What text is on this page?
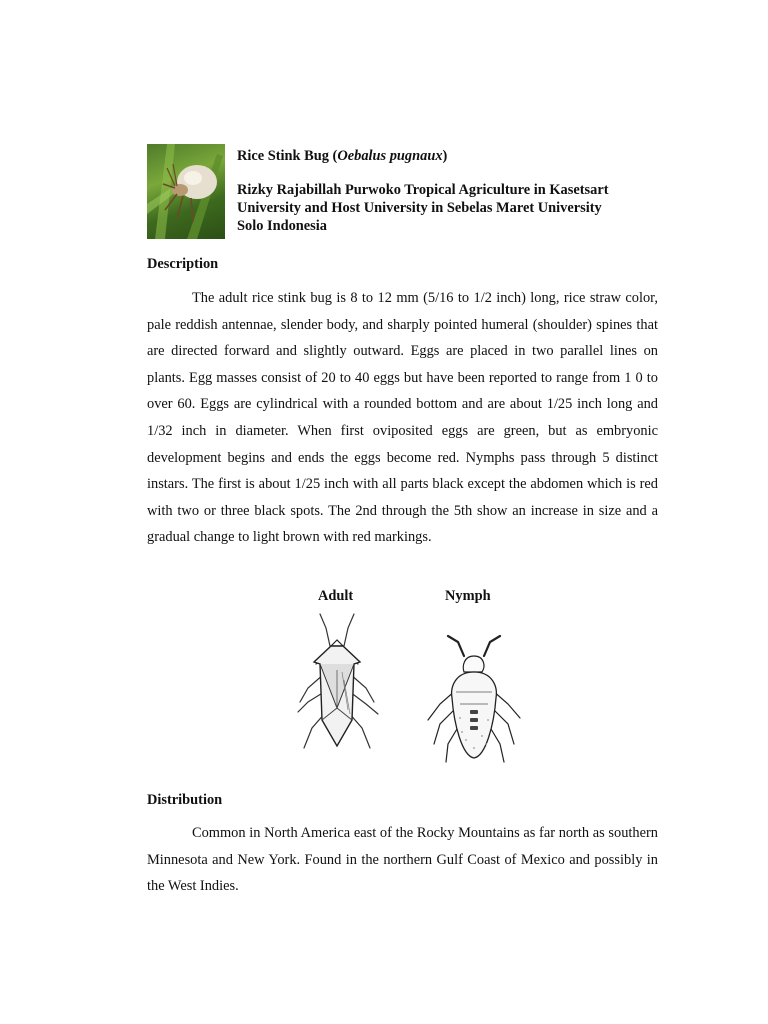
Rice Stink Bug (Oebalus pugnaux)

Rizky Rajabillah Purwoko Tropical Agriculture in Kasetsart
University and Host University in Sebelas Maret University
Solo Indonesia

Description

The adult rice stink bug is 8 to 12 mm (5/16 to 1/2 inch) long, rice straw color, pale reddish antennae, slender body, and sharply pointed humeral (shoulder) spines that are directed forward and slightly outward. Eggs are placed in two parallel lines on plants. Egg masses consist of 20 to 40 eggs but have been reported to range from 1 0 to over 60. Eggs are cylindrical with a rounded bottom and are about 1/25 inch long and 1/32 inch in diameter. When first oviposited eggs are green, but as embryonic development begins and ends the eggs become red. Nymphs pass through 5 distinct instars. The first is about 1/25 inch with all parts black except the abdomen which is red with two or three black spots. The 2nd through the 5th show an increase in size and a gradual change to light brown with red markings.

Adult	Nymph
Distribution

Common in North America east of the Rocky Mountains as far north as southern Minnesota and New York. Found in the northern Gulf Coast of Mexico and possibly in the West Indies.
